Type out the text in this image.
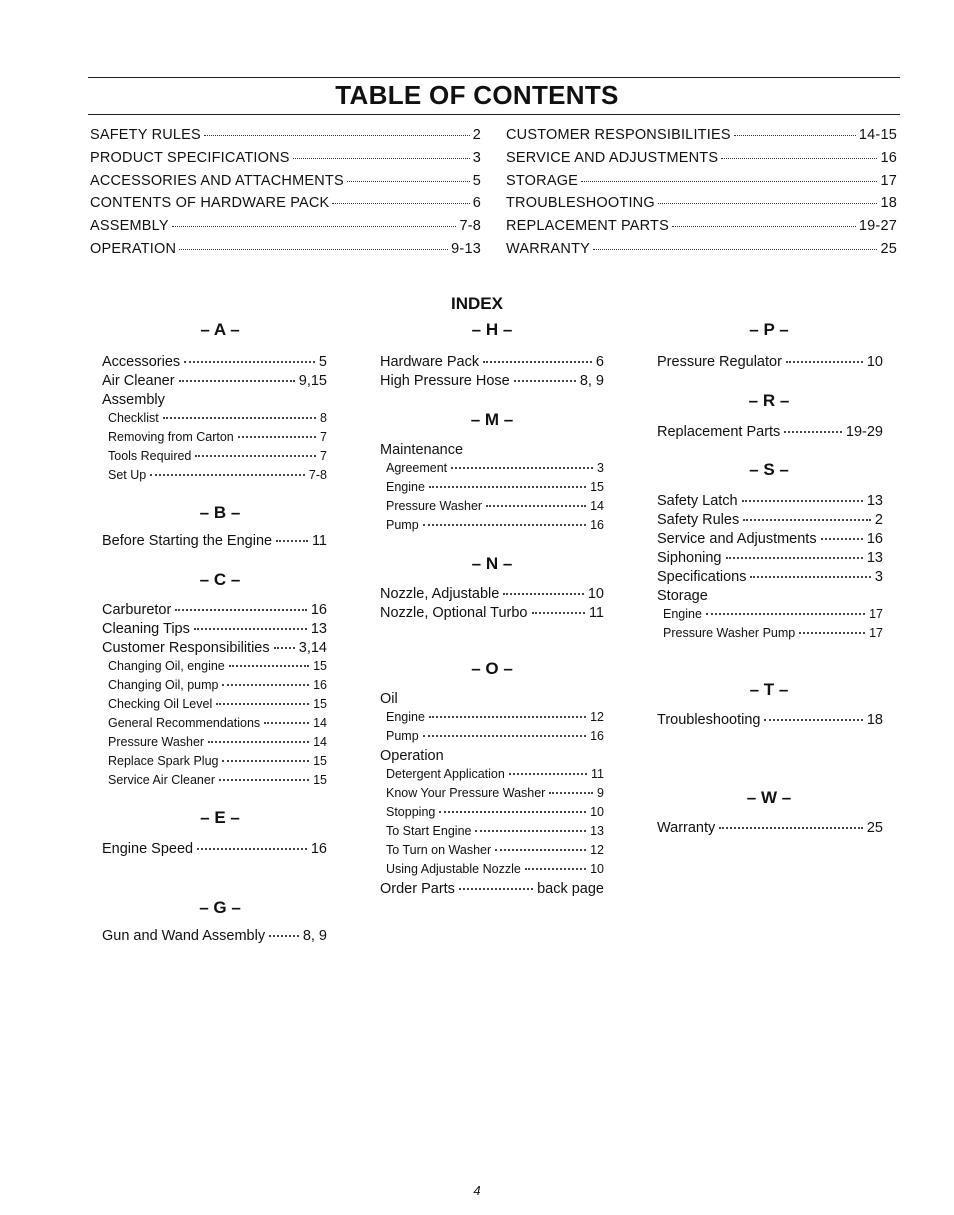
TABLE OF CONTENTS
SAFETY RULES	2
PRODUCT SPECIFICATIONS	3
ACCESSORIES AND ATTACHMENTS	5
CONTENTS OF HARDWARE PACK	6
ASSEMBLY	7-8
OPERATION	9-13
CUSTOMER RESPONSIBILITIES	14-15
SERVICE AND ADJUSTMENTS	16
STORAGE	17
TROUBLESHOOTING	18
REPLACEMENT PARTS	19-27
WARRANTY	25
INDEX
– A –
Accessories	5
Air Cleaner	9,15
Assembly
Checklist	8
Removing from Carton	7
Tools Required	7
Set Up	7-8
– B –
Before Starting the Engine	11
– C –
Carburetor	16
Cleaning Tips	13
Customer Responsibilities 3,14
Changing Oil, engine	15
Changing Oil, pump	16
Checking Oil Level	15
General Recommendations	14
Pressure Washer	14
Replace Spark Plug	15
Service Air Cleaner	15
– E –
Engine Speed	16
– G –
Gun and Wand Assembly	8, 9
– H –
Hardware Pack	6
High Pressure Hose	8, 9
– M –
Maintenance
Agreement	3
Engine	15
Pressure Washer	14
Pump	16
– N –
Nozzle, Adjustable	10
Nozzle, Optional Turbo	11
– O –
Oil
Engine	12
Pump	16
Operation
Detergent Application	11
Know Your Pressure Washer	9
Stopping	10
To Start Engine	13
To Turn on Washer	12
Using Adjustable Nozzle	10
Order Parts	back page
– P –
Pressure Regulator	10
– R –
Replacement Parts	19-29
– S –
Safety Latch	13
Safety Rules	2
Service and Adjustments	16
Siphoning	13
Specifications	3
Storage
Engine	17
Pressure Washer Pump	17
– T –
Troubleshooting	18
– W –
Warranty	25
4
